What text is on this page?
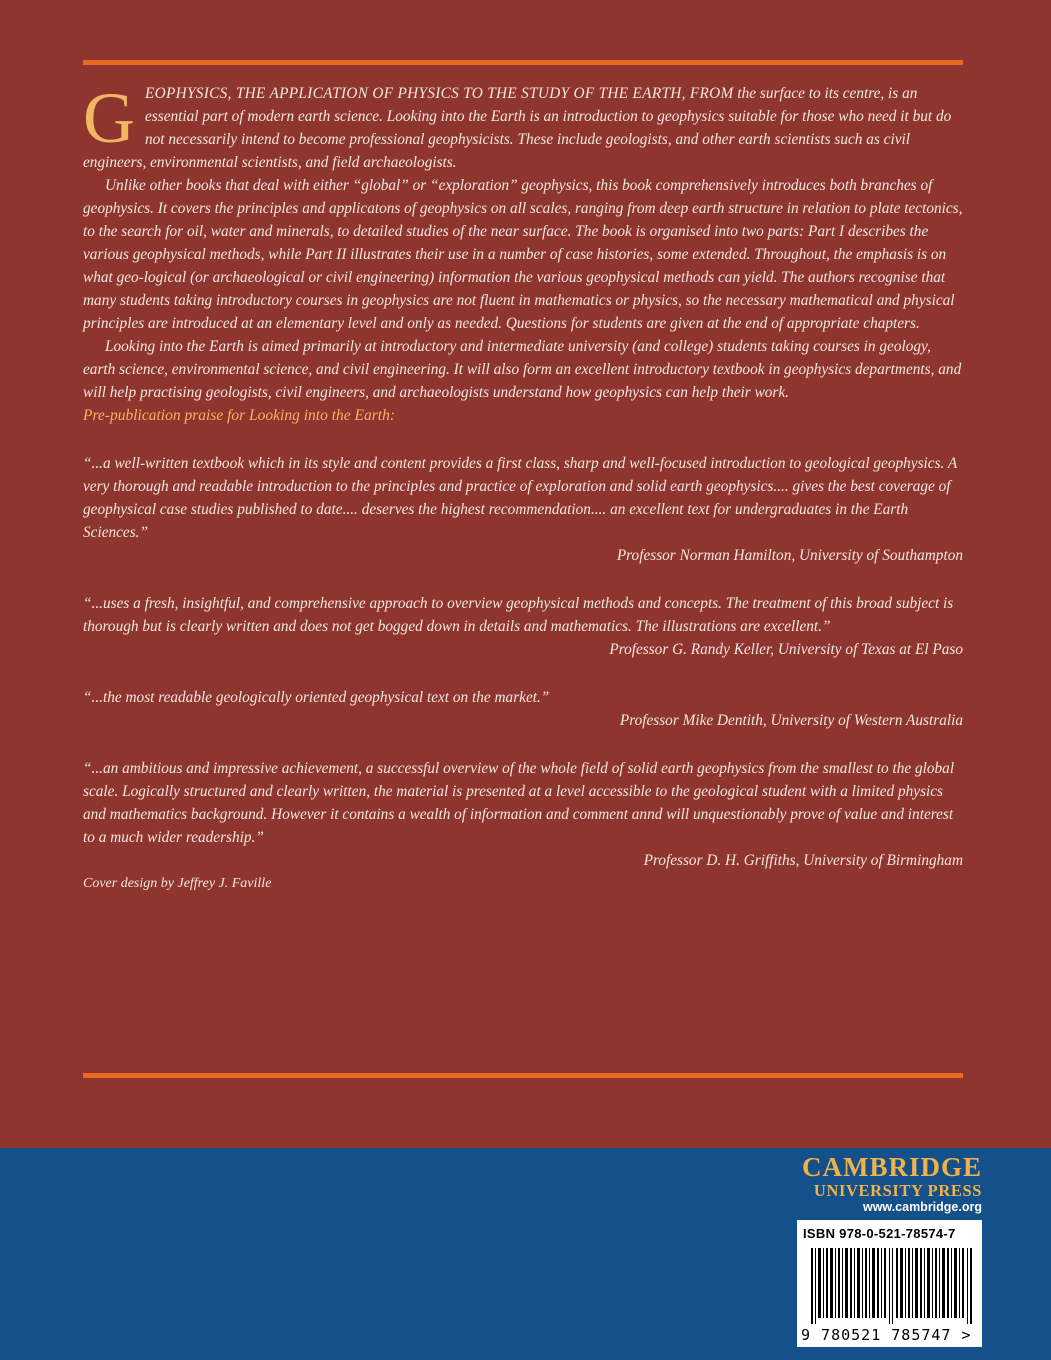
G EOPHYSICS, THE APPLICATION OF PHYSICS TO THE STUDY OF THE EARTH, FROM the surface to its centre, is an essential part of modern earth science. Looking into the Earth is an introduction to geophysics suitable for those who need it but do not necessarily intend to become professional geophysicists. These include geologists, and other earth scientists such as civil engineers, environmental scientists, and field archaeologists.

Unlike other books that deal with either “global” or “exploration” geophysics, this book comprehensively introduces both branches of geophysics. It covers the principles and applicatons of geophysics on all scales, ranging from deep earth structure in relation to plate tectonics, to the search for oil, water and minerals, to detailed studies of the near surface. The book is organised into two parts: Part I describes the various geophysical methods, while Part II illustrates their use in a number of case histories, some extended. Throughout, the emphasis is on what geo-logical (or archaeological or civil engineering) information the various geophysical methods can yield. The authors recognise that many students taking introductory courses in geophysics are not fluent in mathematics or physics, so the necessary mathematical and physical principles are introduced at an elementary level and only as needed. Questions for students are given at the end of appropriate chapters.

Looking into the Earth is aimed primarily at introductory and intermediate university (and college) students taking courses in geology, earth science, environmental science, and civil engineering. It will also form an excellent introductory textbook in geophysics departments, and will help practising geologists, civil engineers, and archaeologists understand how geophysics can help their work.

Pre-publication praise for Looking into the Earth:

“...a well-written textbook which in its style and content provides a first class, sharp and well-focused introduction to geological geophysics. A very thorough and readable introduction to the principles and practice of exploration and solid earth geophysics.... gives the best coverage of geophysical case studies published to date.... deserves the highest recommendation.... an excellent text for undergraduates in the Earth Sciences.”

Professor Norman Hamilton, University of Southampton

“...uses a fresh, insightful, and comprehensive approach to overview geophysical methods and concepts. The treatment of this broad subject is thorough but is clearly written and does not get bogged down in details and mathematics. The illustrations are excellent.”

Professor G. Randy Keller, University of Texas at El Paso

“...the most readable geologically oriented geophysical text on the market.”

Professor Mike Dentith, University of Western Australia

“...an ambitious and impressive achievement, a successful overview of the whole field of solid earth geophysics from the smallest to the global scale. Logically structured and clearly written, the material is presented at a level accessible to the geological student with a limited physics and mathematics background. However it contains a wealth of information and comment annd will unquestionably prove of value and interest to a much wider readership.”

Professor D. H. Griffiths, University of Birmingham

Cover design by Jeffrey J. Faville

CAMBRIDGE
UNIVERSITY PRESS
www.cambridge.org
ISBN 978-0-521-78574-7
9 780521 785747 >
